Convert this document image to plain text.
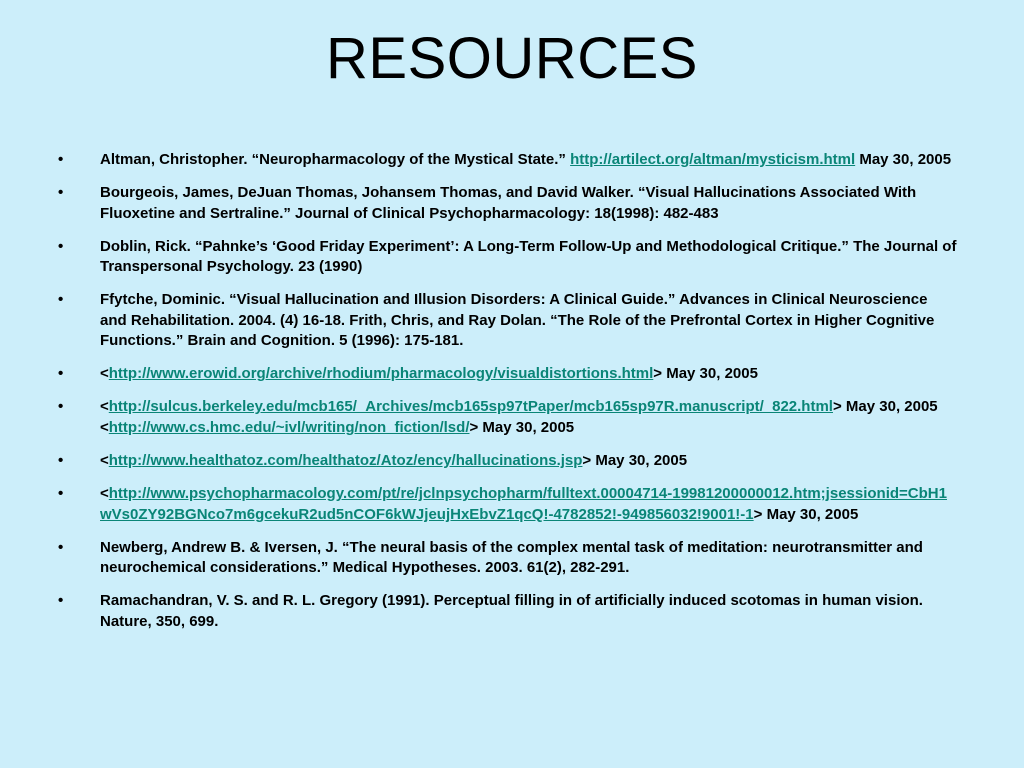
RESOURCES
• Altman, Christopher. “Neuropharmacology of the Mystical State.” http://artilect.org/altman/mysticism.html May 30, 2005
• Bourgeois, James, DeJuan Thomas, Johansem Thomas, and David Walker. “Visual Hallucinations Associated With Fluoxetine and Sertraline.” Journal of Clinical Psychopharmacology: 18(1998): 482-483
• Doblin, Rick. “Pahnke’s ‘Good Friday Experiment’: A Long-Term Follow-Up and Methodological Critique.” The Journal of Transpersonal Psychology. 23 (1990)
• Ffytche, Dominic. “Visual Hallucination and Illusion Disorders: A Clinical Guide.” Advances in Clinical Neuroscience and Rehabilitation. 2004. (4) 16-18. Frith, Chris, and Ray Dolan. “The Role of the Prefrontal Cortex in Higher Cognitive Functions.” Brain and Cognition. 5 (1996): 175-181.
• <http://www.erowid.org/archive/rhodium/pharmacology/visualdistortions.html> May 30, 2005
• <http://sulcus.berkeley.edu/mcb165/_Archives/mcb165sp97tPaper/mcb165sp97R.manuscript/_822.html> May 30, 2005 <http://www.cs.hmc.edu/~ivl/writing/non_fiction/lsd/> May 30, 2005
• <http://www.healthatoz.com/healthatoz/Atoz/ency/hallucinations.jsp> May 30, 2005
• <http://www.psychopharmacology.com/pt/re/jclnpsychopharm/fulltext.00004714-19981200000012.htm;jsessionid=CbH1wVs0ZY92BGNco7m6gcekuR2ud5nCOF6kWJjeujHxEbvZ1qcQ!-4782852!-949856032!9001!-1> May 30, 2005
• Newberg, Andrew B. & Iversen, J. “The neural basis of the complex mental task of meditation: neurotransmitter and neurochemical considerations.” Medical Hypotheses. 2003. 61(2), 282-291.
• Ramachandran, V. S. and R. L. Gregory (1991). Perceptual filling in of artificially induced scotomas in human vision. Nature, 350, 699.
